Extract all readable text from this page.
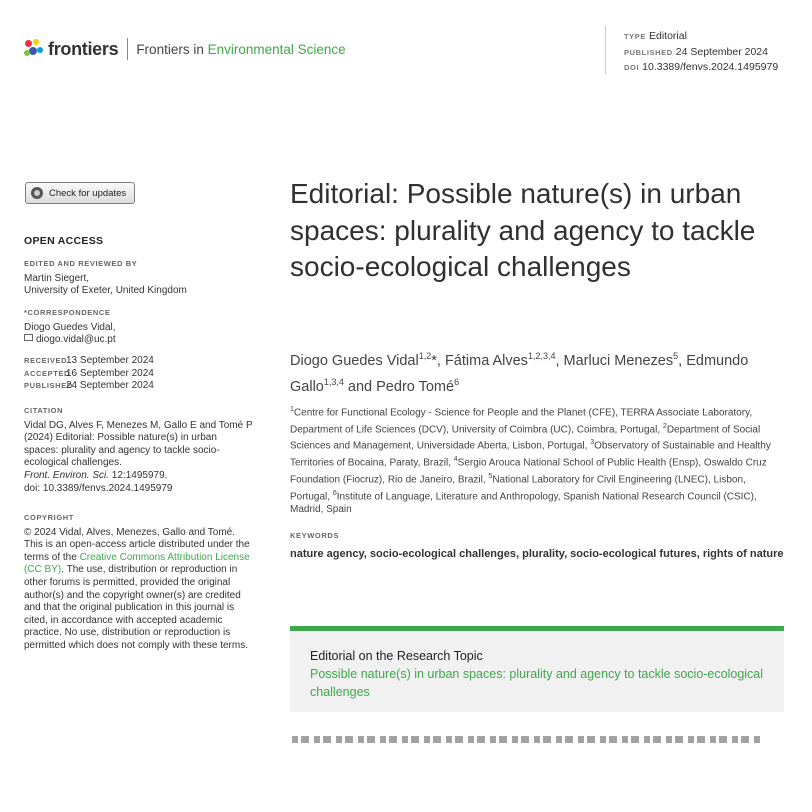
frontiers Frontiers in Environmental Science
TYPE Editorial
PUBLISHED 24 September 2024
DOI 10.3389/fenvs.2024.1495979
Check for updates
OPEN ACCESS
EDITED AND REVIEWED BY
Martin Siegert,
University of Exeter, United Kingdom
*CORRESPONDENCE
Diogo Guedes Vidal,
diogo.vidal@uc.pt
RECEIVED13 September 2024
ACCEPTED16 September 2024
PUBLISHED24 September 2024
CITATION
Vidal DG, Alves F, Menezes M, Gallo E and Tomé P (2024) Editorial: Possible nature(s) in urban spaces: plurality and agency to tackle socio-ecological challenges.
Front. Environ. Sci. 12:1495979.
doi: 10.3389/fenvs.2024.1495979
COPYRIGHT
© 2024 Vidal, Alves, Menezes, Gallo and Tomé. This is an open-access article distributed under the terms of the Creative Commons Attribution License (CC BY). The use, distribution or reproduction in other forums is permitted, provided the original author(s) and the copyright owner(s) are credited and that the original publication in this journal is cited, in accordance with accepted academic practice. No use, distribution or reproduction is permitted which does not comply with these terms.
Editorial: Possible nature(s) in urban spaces: plurality and agency to tackle socio-ecological challenges
Diogo Guedes Vidal$^{1,2}$*, Fátima Alves$^{1,2,3,4}$, Marluci Menezes$^5$, Edmundo Gallo$^{1,3,4}$ and Pedro Tomé$^6$
$^1$Centre for Functional Ecology - Science for People and the Planet (CFE), TERRA Associate Laboratory, Department of Life Sciences (DCV), University of Coimbra (UC), Coimbra, Portugal, $^2$Department of Social Sciences and Management, Universidade Aberta, Lisbon, Portugal, $^3$Observatory of Sustainable and Healthy Territories of Bocaina, Paraty, Brazil, $^4$Sergio Arouca National School of Public Health (Ensp), Oswaldo Cruz Foundation (Fiocruz), Rio de Janeiro, Brazil, $^5$National Laboratory for Civil Engineering (LNEC), Lisbon, Portugal, $^6$Institute of Language, Literature and Anthropology, Spanish National Research Council (CSIC), Madrid, Spain
KEYWORDS
nature agency, socio-ecological challenges, plurality, socio-ecological futures, rights of nature
Editorial on the Research Topic
Possible nature(s) in urban spaces: plurality and agency to tackle socio-ecological challenges
